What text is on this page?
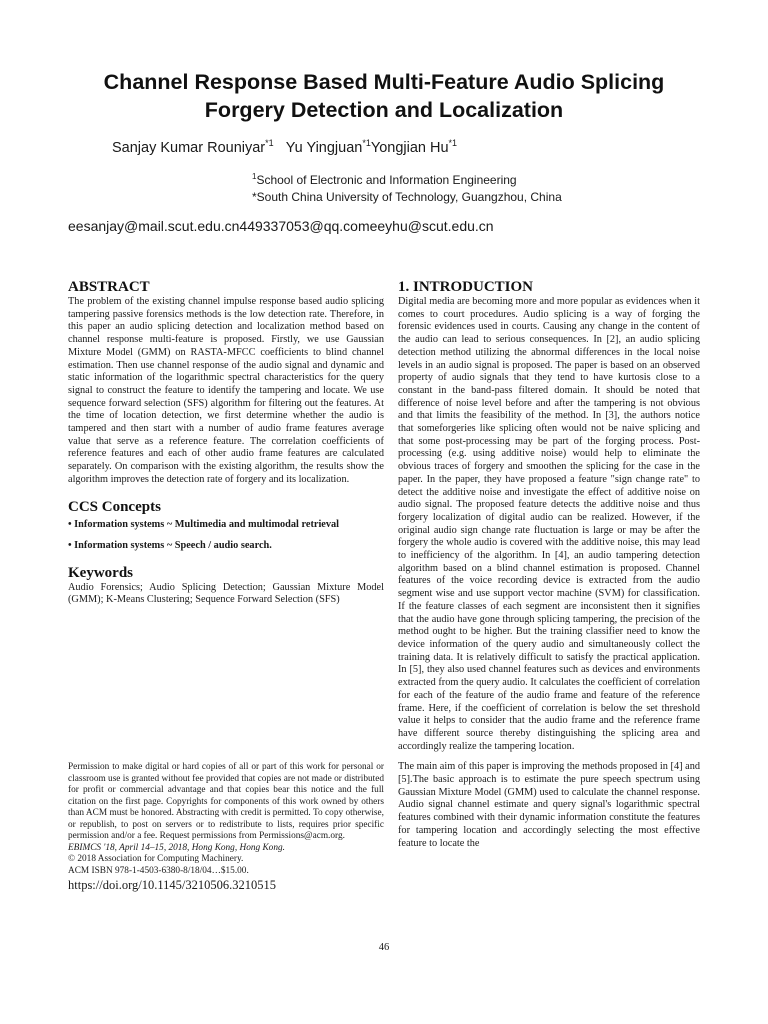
Channel Response Based Multi-Feature Audio Splicing
Forgery Detection and Localization
Sanjay Kumar Rouniyar$^{*1}$ Yu Yingjuan$^{*1}$Yongjian Hu$^{*1}$
$^1$School of Electronic and Information Engineering
*South China University of Technology, Guangzhou, China
eesanjay@mail.scut.edu.cn449337053@qq.comeeyhu@scut.edu.cn
ABSTRACT

The problem of the existing channel impulse response based audio splicing tampering passive forensics methods is the low detection rate. Therefore, in this paper an audio splicing detection and localization method based on channel response multi-feature is proposed. Firstly, we use Gaussian Mixture Model (GMM) on RASTA-MFCC coefficients to blind channel estimation. Then use channel response of the audio signal and dynamic and static information of the logarithmic spectral characteristics for the query signal to construct the feature to identify the tampering and locate. We use sequence forward selection (SFS) algorithm for filtering out the features. At the time of location detection, we first determine whether the audio is tampered and then start with a number of audio frame features average value that serve as a reference feature. The correlation coefficients of reference features and each of other audio frame features are calculated separately. On comparison with the existing algorithm, the results show the algorithm improves the detection rate of forgery and its localization.

CCS Concepts

• Information systems ~ Multimedia and multimodal retrieval

• Information systems ~ Speech / audio search.

Keywords

Audio Forensics; Audio Splicing Detection; Gaussian Mixture Model (GMM); K-Means Clustering; Sequence Forward Selection (SFS)

Permission to make digital or hard copies of all or part of this work for personal or classroom use is granted without fee provided that copies are not made or distributed for profit or commercial advantage and that copies bear this notice and the full citation on the first page. Copyrights for components of this work owned by others than ACM must be honored. Abstracting with credit is permitted. To copy otherwise, or republish, to post on servers or to redistribute to lists, requires prior specific permission and/or a fee. Request permissions from Permissions@acm.org.

EBIMCS '18, April 14–15, 2018, Hong Kong, Hong Kong.

© 2018 Association for Computing Machinery.

ACM ISBN 978-1-4503-6380-8/18/04…$15.00.

https://doi.org/10.1145/3210506.3210515

1. INTRODUCTION

Digital media are becoming more and more popular as evidences when it comes to court procedures. Audio splicing is a way of forging the forensic evidences used in courts. Causing any change in the content of the audio can lead to serious consequences. In [2], an audio splicing detection method utilizing the abnormal differences in the local noise levels in an audio signal is proposed. The paper is based on an observed property of audio signals that they tend to have kurtosis close to a constant in the band-pass filtered domain. It should be noted that difference of noise level before and after the tampering is not obvious and that limits the feasibility of the method. In [3], the authors notice that someforgeries like splicing often would not be naive splicing and that some post-processing may be part of the forging process. Post-processing (e.g. using additive noise) would help to eliminate the obvious traces of forgery and smoothen the splicing for the case in the paper. In the paper, they have proposed a feature "sign change rate" to detect the additive noise and investigate the effect of additive noise on audio signal. The proposed feature detects the additive noise and thus forgery localization of digital audio can be realized. However, if the original audio sign change rate fluctuation is large or may be after the forgery the whole audio is covered with the additive noise, this may lead to inefficiency of the algorithm. In [4], an audio tampering detection algorithm based on a blind channel estimation is proposed. Channel features of the voice recording device is extracted from the audio segment wise and use support vector machine (SVM) for classification. If the feature classes of each segment are inconsistent then it signifies that the audio have gone through splicing tampering, the precision of the method ought to be higher. But the training classifier need to know the device information of the query audio and simultaneously collect the training data. It is relatively difficult to satisfy the practical application. In [5], they also used channel features such as devices and environments extracted from the query audio. It calculates the coefficient of correlation for each of the feature of the audio frame and feature of the reference frame. Here, if the coefficient of correlation is below the set threshold value it helps to consider that the audio frame and the reference frame have different source thereby distinguishing the splicing area and accordingly realize the tampering location.

The main aim of this paper is improving the methods proposed in [4] and [5].The basic approach is to estimate the pure speech spectrum using Gaussian Mixture Model (GMM) used to calculate the channel response. Audio signal channel estimate and query signal's logarithmic spectral features combined with their dynamic information constitute the features for tampering location and accordingly selecting the most effective feature to locate the

46
